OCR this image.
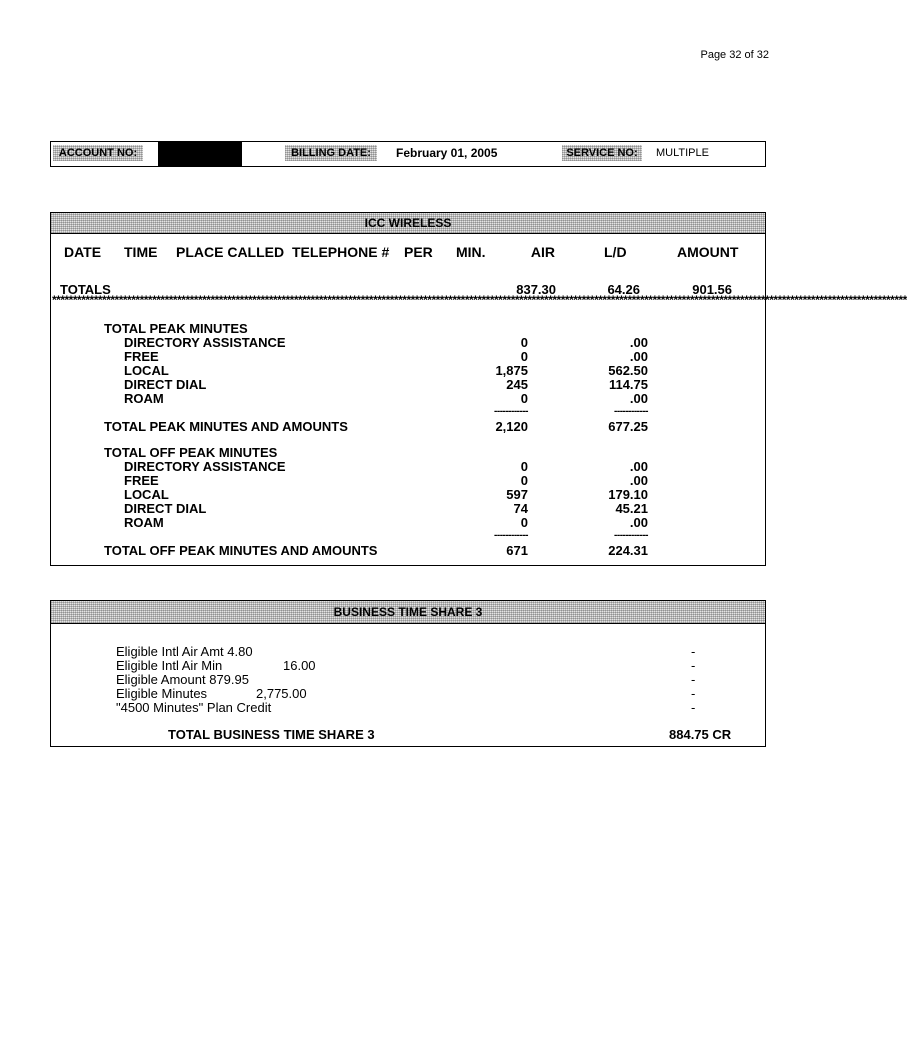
Page 32 of 32
ACCOUNT NO:	BILLING DATE:	February 01, 2005	SERVICE NO:	MULTIPLE
ICC WIRELESS
DATE TIME PLACE CALLED TELEPHONE # PER MIN.	AIR	L/D	AMOUNT
TOTALS	837.30	64.26	901.56
*************************************************************************************************************************************************************************************************************
TOTAL PEAK MINUTES
DIRECTORY ASSISTANCE	0	.00
FREE	0	.00
LOCAL	1,875	562.50
DIRECT DIAL	245	114.75
ROAM	0	.00
------------	------------
TOTAL PEAK MINUTES AND AMOUNTS	2,120	677.25
TOTAL OFF PEAK MINUTES
DIRECTORY ASSISTANCE	0	.00
FREE	0	.00
LOCAL	597	179.10
DIRECT DIAL	74	45.21
ROAM	0	.00
------------	------------
TOTAL OFF PEAK MINUTES AND AMOUNTS	671	224.31
BUSINESS TIME SHARE 3
Eligible Intl Air Amt 4.80	-
Eligible Intl Air Min	16.00	-
Eligible Amount 879.95	-
Eligible Minutes	2,775.00	-
"4500 Minutes" Plan Credit	-
TOTAL BUSINESS TIME SHARE 3	884.75 CR
